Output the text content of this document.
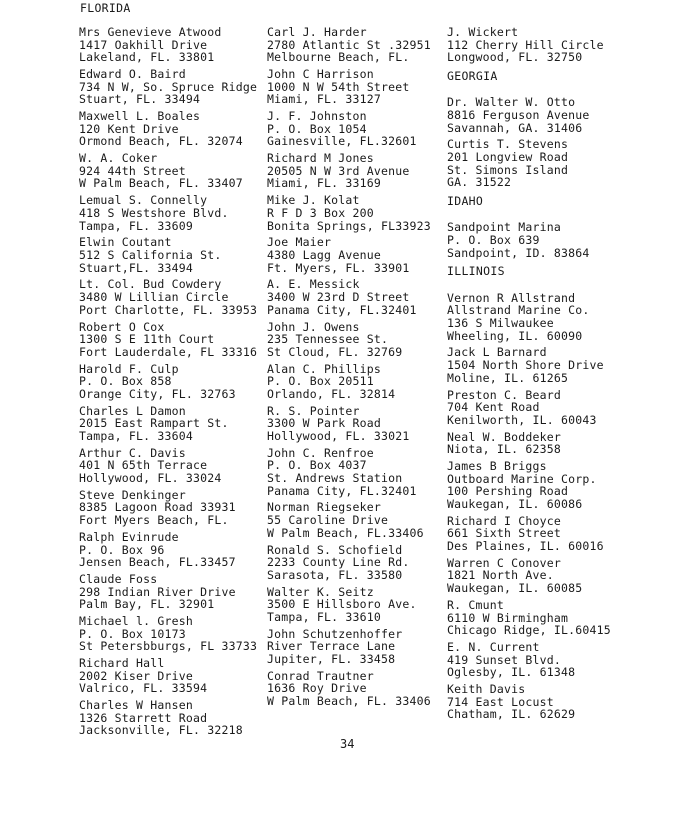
FLORIDA
Mrs Genevieve Atwood
1417 Oakhill Drive
Lakeland, FL. 33801
Edward O. Baird
734 N W, So. Spruce Ridge
Stuart, FL. 33494
Maxwell L. Boales
120 Kent Drive
Ormond Beach, FL. 32074
W. A. Coker
924 44th Street
W Palm Beach, FL. 33407
Lemual S. Connelly
418 S Westshore Blvd.
Tampa, FL. 33609
Elwin Coutant
512 S California St.
Stuart,FL. 33494
Lt. Col. Bud Cowdery
3480 W Lillian Circle
Port Charlotte, FL. 33953
Robert O Cox
1300 S E 11th Court
Fort Lauderdale, FL 33316
Harold F. Culp
P. O. Box 858
Orange City, FL. 32763
Charles L Damon
2015 East Rampart St.
Tampa, FL. 33604
Arthur C. Davis
401 N 65th Terrace
Hollywood, FL. 33024
Steve Denkinger
8385 Lagoon Road 33931
Fort Myers Beach, FL.
Ralph Evinrude
P. O. Box 96
Jensen Beach, FL.33457
Claude Foss
298 Indian River Drive
Palm Bay, FL. 32901
Michael l. Gresh
P. O. Box 10173
St Petersbburgs, FL 33733
Richard Hall
2002 Kiser Drive
Valrico, FL. 33594
Charles W Hansen
1326 Starrett Road
Jacksonville, FL. 32218
Carl J. Harder
2780 Atlantic St .32951
Melbourne Beach, FL.
John C Harrison
1000 N W 54th Street
Miami, FL. 33127
J. F. Johnston
P. O. Box 1054
Gainesville, FL.32601
Richard M Jones
20505 N W 3rd Avenue
Miami, FL. 33169
Mike J. Kolat
R F D 3 Box 200
Bonita Springs, FL33923
Joe Maier
4380 Lagg Avenue
Ft. Myers, FL. 33901
A. E. Messick
3400 W 23rd D Street
Panama City, FL.32401
John J. Owens
235 Tennessee St.
St Cloud, FL. 32769
Alan C. Phillips
P. O. Box 20511
Orlando, FL. 32814
R. S. Pointer
3300 W Park Road
Hollywood, FL. 33021
John C. Renfroe
P. O. Box 4037
St. Andrews Station
Panama City, FL.32401
Norman Riegseker
55 Caroline Drive
W Palm Beach, FL.33406
Ronald S. Schofield
2233 County Line Rd.
Sarasota, FL. 33580
Walter K. Seitz
3500 E Hillsboro Ave.
Tampa, FL. 33610
John Schutzenhoffer
River Terrace Lane
Jupiter, FL. 33458
Conrad Trautner
1636 Roy Drive
W Palm Beach, FL. 33406
J. Wickert
112 Cherry Hill Circle
Longwood, FL. 32750
GEORGIA
Dr. Walter W. Otto
8816 Ferguson Avenue
Savannah, GA. 31406
Curtis T. Stevens
201 Longview Road
St. Simons Island
GA. 31522
IDAHO
Sandpoint Marina
P. O. Box 639
Sandpoint, ID. 83864
ILLINOIS
Vernon R Allstrand
Allstrand Marine Co.
136 S Milwaukee
Wheeling, IL. 60090
Jack L Barnard
1504 North Shore Drive
Moline, IL. 61265
Preston C. Beard
704 Kent Road
Kenilworth, IL. 60043
Neal W. Boddeker
Niota, IL. 62358
James B Briggs
Outboard Marine Corp.
100 Pershing Road
Waukegan, IL. 60086
Richard I Choyce
661 Sixth Street
Des Plaines, IL. 60016
Warren C Conover
1821 North Ave.
Waukegan, IL. 60085
R. Cmunt
6110 W Birmingham
Chicago Ridge, IL.60415
E. N. Current
419 Sunset Blvd.
Oglesby, IL. 61348
Keith Davis
714 East Locust
Chatham, IL. 62629
34
